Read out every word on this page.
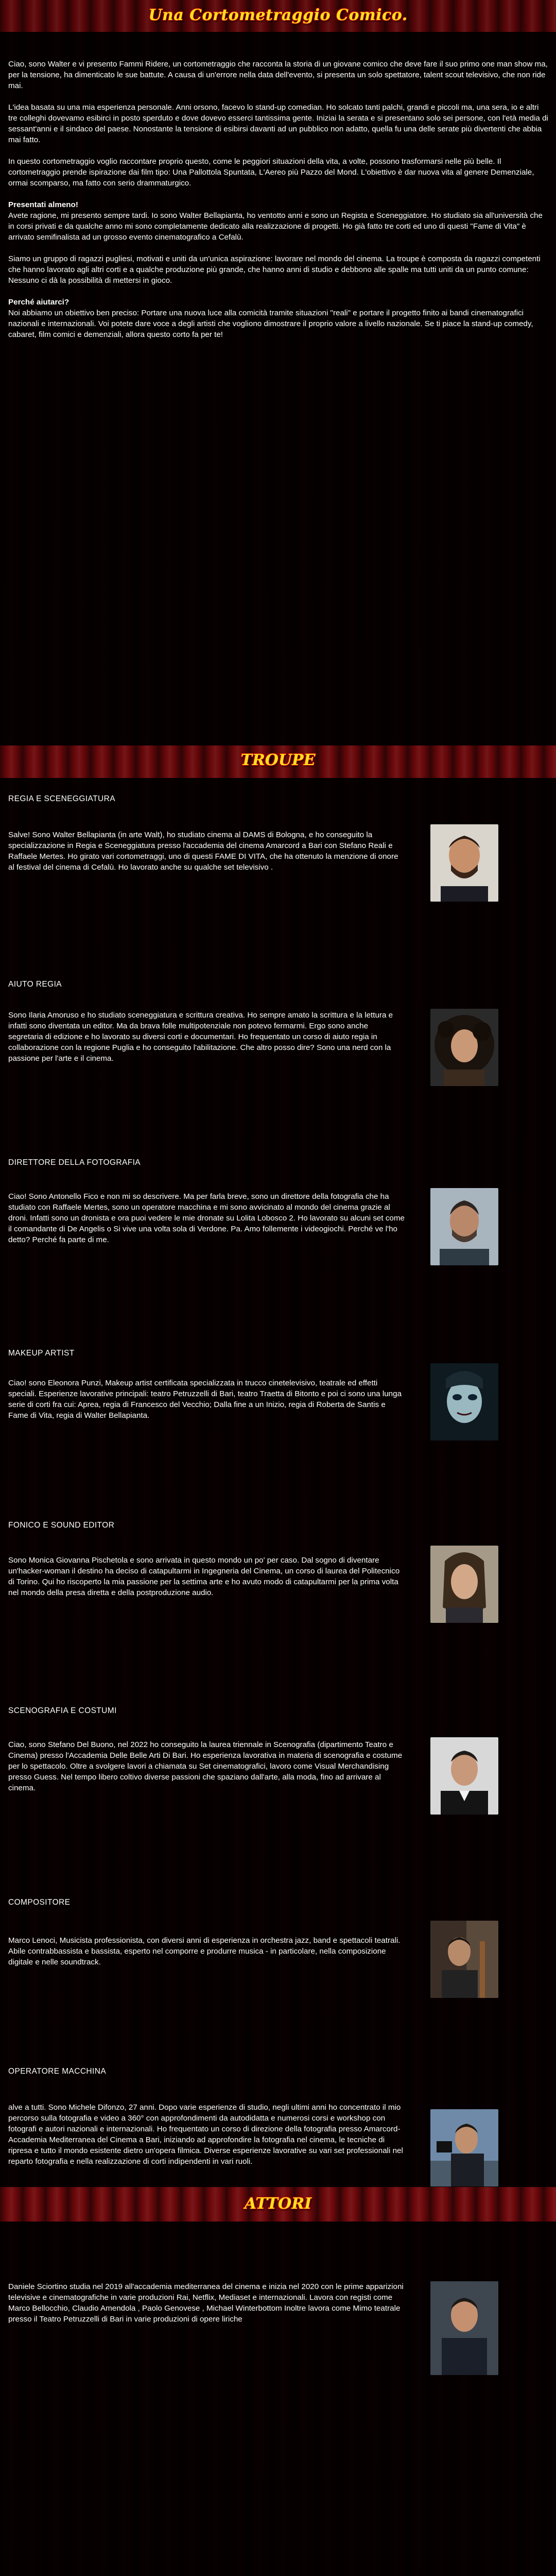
Una Cortometraggio Comico.

Ciao, sono Walter e vi presento Fammi Ridere, un cortometraggio che racconta la storia di un giovane comico che deve fare il suo primo one man show ma, per la tensione, ha dimenticato le sue battute. A causa di un'errore nella data dell'evento, si presenta un solo spettatore, talent scout televisivo, che non ride mai.

L'idea basata su una mia esperienza personale. Anni orsono, facevo lo stand-up comedian. Ho solcato tanti palchi, grandi e piccoli ma, una sera, io e altri tre colleghi dovevamo esibirci in posto sperduto e dove dovevo esserci tantissima gente. Iniziai la serata e si presentano solo sei persone, con l'età media di sessant'anni e il sindaco del paese. Nonostante la tensione di esibirsi davanti ad un pubblico non adatto, quella fu una delle serate più divertenti che abbia mai fatto.

In questo cortometraggio voglio raccontare proprio questo, come le peggiori situazioni della vita, a volte, possono trasformarsi nelle più belle. Il cortometraggio prende ispirazione dai film tipo: Una Pallottola Spuntata, L'Aereo più Pazzo del Mond. L'obiettivo è dar nuova vita al genere Demenziale, ormai scomparso, ma fatto con serio drammaturgico.

Presentati almeno!

Avete ragione, mi presento sempre tardi. Io sono Walter Bellapianta, ho ventotto anni e sono un Regista e Sceneggiatore. Ho studiato sia all'università che in corsi privati e da qualche anno mi sono completamente dedicato alla realizzazione di progetti. Ho già fatto tre corti ed uno di questi "Fame di Vita" è arrivato semifinalista ad un grosso evento cinematografico a Cefalù.

Siamo un gruppo di ragazzi pugliesi, motivati e uniti da un'unica aspirazione: lavorare nel mondo del cinema. La troupe è composta da ragazzi competenti che hanno lavorato agli altri corti e a qualche produzione più grande, che hanno anni di studio e debbono alle spalle ma tutti uniti da un punto comune: Nessuno ci dà la possibilità di mettersi in gioco.

Perché aiutarci?

Noi abbiamo un obiettivo ben preciso: Portare una nuova luce alla comicità tramite situazioni "reali" e portare il progetto finito ai bandi cinematografici nazionali e internazionali. Voi potete dare voce a degli artisti che vogliono dimostrare il proprio valore a livello nazionale. Se ti piace la stand-up comedy, cabaret, film comici e demenziali, allora questo corto fa per te!

TROUPE
REGIA E SCENEGGIATURA
Salve! Sono Walter Bellapianta (in arte Walt), ho studiato cinema al DAMS di Bologna, e ho conseguito la specializzazione in Regia e Sceneggiatura presso l'accademia del cinema Amarcord a Bari con Stefano Reali e Raffaele Mertes. Ho girato vari cortometraggi, uno di questi FAME DI VITA, che ha ottenuto la menzione di onore al festival del cinema di Cefalù. Ho lavorato anche su qualche set televisivo .
AIUTO REGIA
Sono Ilaria Amoruso e ho studiato sceneggiatura e scrittura creativa. Ho sempre amato la scrittura e la lettura e infatti sono diventata un editor. Ma da brava folle multipotenziale non potevo fermarmi. Ergo sono anche segretaria di edizione e ho lavorato su diversi corti e documentari. Ho frequentato un corso di aiuto regia in collaborazione con la regione Puglia e ho conseguito l'abilitazione. Che altro posso dire? Sono una nerd con la passione per l'arte e il cinema.
DIRETTORE DELLA FOTOGRAFIA
Ciao! Sono Antonello Fico e non mi so descrivere. Ma per farla breve, sono un direttore della fotografia che ha studiato con Raffaele Mertes, sono un operatore macchina e mi sono avvicinato al mondo del cinema grazie al droni. Infatti sono un dronista e ora puoi vedere le mie dronate su Lolita Lobosco 2. Ho lavorato su alcuni set come il comandante di De Angelis o Si vive una volta sola di Verdone. Pa. Amo follemente i videogiochi. Perché ve l'ho detto? Perché fa parte di me.
MAKEUP ARTIST
Ciao! sono Eleonora Punzi, Makeup artist certificata specializzata in trucco cinetelevisivo, teatrale ed effetti speciali. Esperienze lavorative principali: teatro Petruzzelli di Bari, teatro Traetta di Bitonto e poi ci sono una lunga serie di corti fra cui: Aprea, regia di Francesco del Vecchio; Dalla fine a un Inizio, regia di Roberta de Santis e Fame di Vita, regia di Walter Bellapianta.
FONICO E SOUND EDITOR
Sono Monica Giovanna Pischetola e sono arrivata in questo mondo un po' per caso. Dal sogno di diventare un'hacker-woman il destino ha deciso di catapultarmi in Ingegneria del Cinema, un corso di laurea del Politecnico di Torino. Qui ho riscoperto la mia passione per la settima arte e ho avuto modo di catapultarmi per la prima volta nel mondo della presa diretta e della postproduzione audio.
SCENOGRAFIA E COSTUMI
Ciao, sono Stefano Del Buono, nel 2022 ho conseguito la laurea triennale in Scenografia (dipartimento Teatro e Cinema) presso l'Accademia Delle Belle Arti Di Bari. Ho esperienza lavorativa in materia di scenografia e costume per lo spettacolo. Oltre a svolgere lavori a chiamata su Set cinematografici, lavoro come Visual Merchandising presso Guess. Nel tempo libero coltivo diverse passioni che spaziano dall'arte, alla moda, fino ad arrivare al cinema.
COMPOSITORE
Marco Lenoci, Musicista professionista, con diversi anni di esperienza in orchestra jazz, band e spettacoli teatrali. Abile contrabbassista e bassista, esperto nel comporre e produrre musica - in particolare, nella composizione digitale e nelle soundtrack.
OPERATORE MACCHINA
alve a tutti. Sono Michele Difonzo, 27 anni. Dopo varie esperienze di studio, negli ultimi anni ho concentrato il mio percorso sulla fotografia e video a 360° con approfondimenti da autodidatta e numerosi corsi e workshop con fotografi e autori nazionali e internazionali. Ho frequentato un corso di direzione della fotografia presso Amarcord- Accademia Mediterranea del Cinema a Bari, iniziando ad approfondire la fotografia nel cinema, le tecniche di ripresa e tutto il mondo esistente dietro un'opera filmica. Diverse esperienze lavorative su vari set professionali nel reparto fotografia e nella realizzazione di corti indipendenti in vari ruoli.
ATTORI
Daniele Sciortino studia nel 2019 all'accademia mediterranea del cinema e inizia nel 2020 con le prime apparizioni televisive e cinematografiche in varie produzioni Rai, Netflix, Mediaset e internazionali. Lavora con registi come Marco Bellocchio, Claudio Amendola , Paolo Genovese , Michael Winterbottom Inoltre lavora come Mimo teatrale presso il Teatro Petruzzelli di Bari in varie produzioni di opere liriche
